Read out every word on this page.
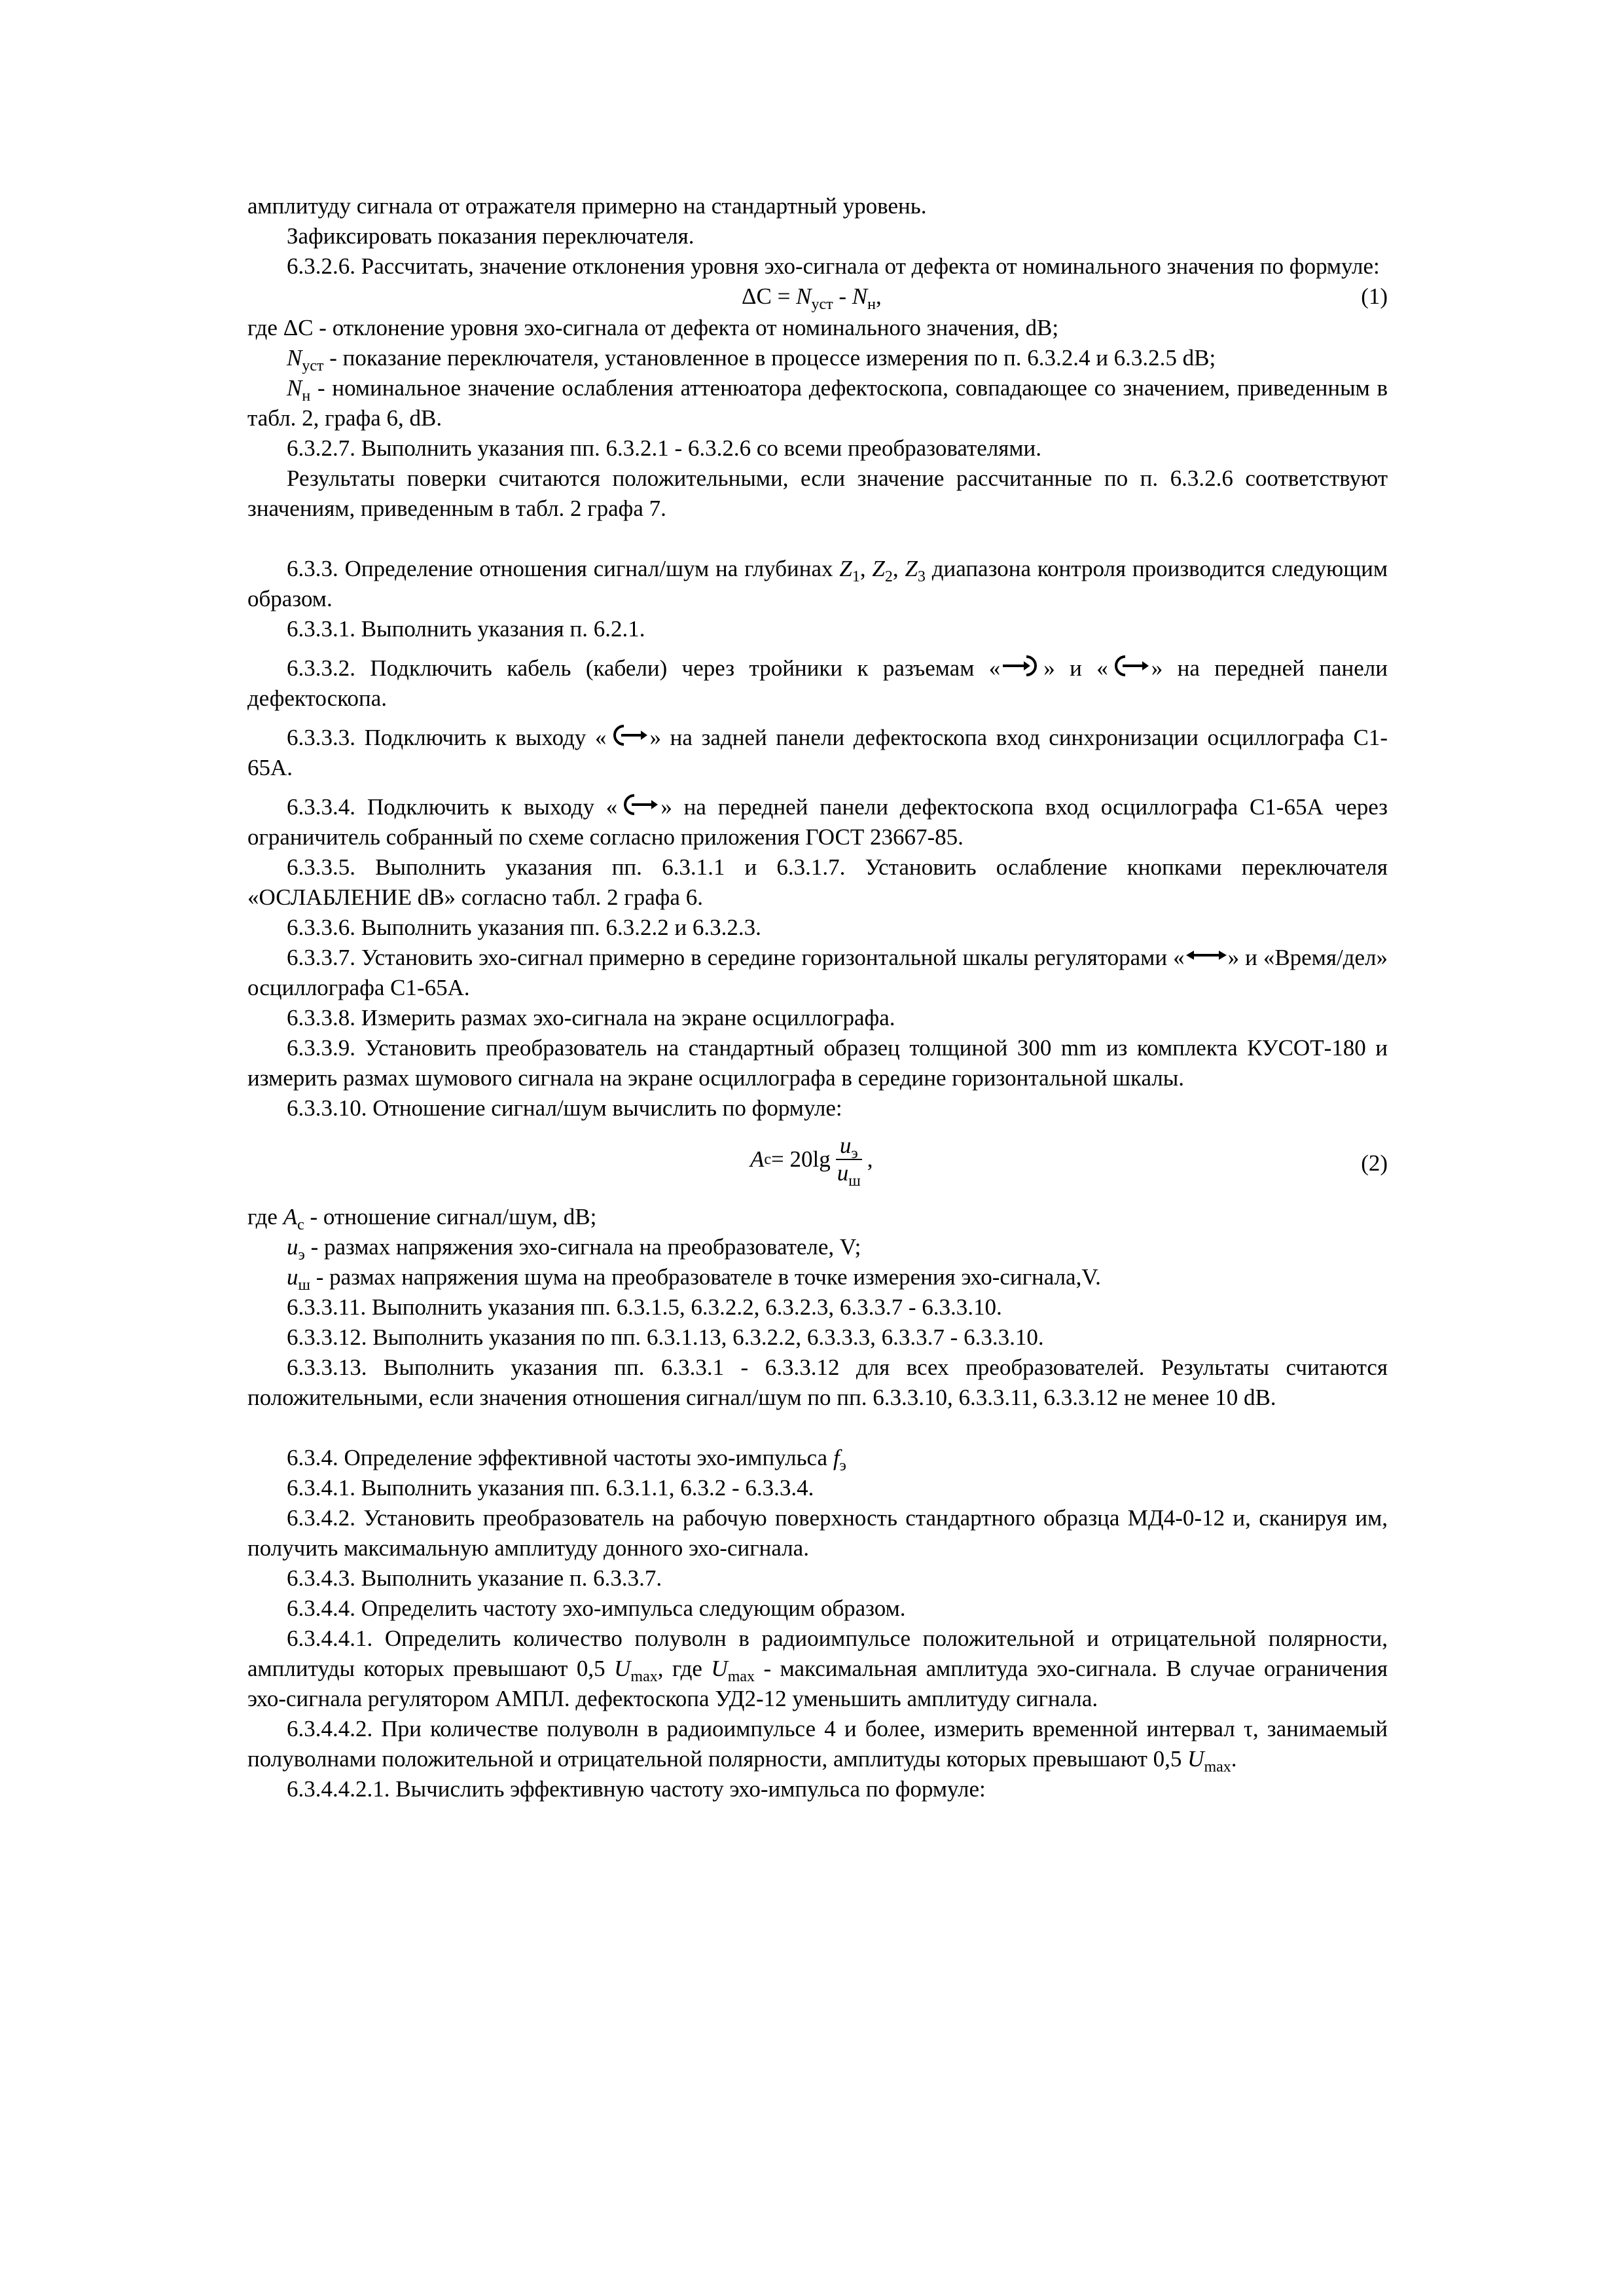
амплитуду сигнала от отражателя примерно на стандартный уровень.

Зафиксировать показания переключателя.

6.3.2.6. Рассчитать, значение отклонения уровня эхо-сигнала от дефекта от номинального значения по формуле:

$\Delta C = N_{уст} - N_н$,	(1)

где ΔC - отклонение уровня эхо-сигнала от дефекта от номинального значения, dB;

$N_{уст}$ - показание переключателя, установленное в процессе измерения по п. 6.3.2.4 и 6.3.2.5 dB;

$N_н$ - номинальное значение ослабления аттенюатора дефектоскопа, совпадающее со значением, приведенным в табл. 2, графа 6, dB.

6.3.2.7. Выполнить указания пп. 6.3.2.1 - 6.3.2.6 со всеми преобразователями.

Результаты поверки считаются положительными, если значение рассчитанные по п. 6.3.2.6 соответствуют значениям, приведенным в табл. 2 графа 7.

6.3.3. Определение отношения сигнал/шум на глубинах $Z_1$, $Z_2$, $Z_3$ диапазона контроля производится следующим образом.

6.3.3.1. Выполнить указания п. 6.2.1.

6.3.3.2. Подключить кабель (кабели) через тройники к разъемам « » и « » на передней панели дефектоскопа.

6.3.3.3. Подключить к выходу « » на задней панели дефектоскопа вход синхронизации осциллографа С1-65А.

6.3.3.4. Подключить к выходу « » на передней панели дефектоскопа вход осциллографа С1-65А через ограничитель собранный по схеме согласно приложения ГОСТ 23667-85.

6.3.3.5. Выполнить указания пп. 6.3.1.1 и 6.3.1.7. Установить ослабление кнопками переключателя «ОСЛАБЛЕНИЕ dB» согласно табл. 2 графа 6.

6.3.3.6. Выполнить указания пп. 6.3.2.2 и 6.3.2.3.

6.3.3.7. Установить эхо-сигнал примерно в середине горизонтальной шкалы регуляторами « » и «Время/дел» осциллографа С1-65А.

6.3.3.8. Измерить размах эхо-сигнала на экране осциллографа.

6.3.3.9. Установить преобразователь на стандартный образец толщиной 300 mm из комплекта КУСОТ-180 и измерить размах шумового сигнала на экране осциллографа в середине горизонтальной шкалы.

6.3.3.10. Отношение сигнал/шум вычислить по формуле:

A $с = 20\lg \frac{u_э}{u_ш}$ ,	(2)

где $A_с$ - отношение сигнал/шум, dB;

$u_э$ - размах напряжения эхо-сигнала на преобразователе, V;

$u_ш$ - размах напряжения шума на преобразователе в точке измерения эхо-сигнала,V.

6.3.3.11. Выполнить указания пп. 6.3.1.5, 6.3.2.2, 6.3.2.3, 6.3.3.7 - 6.3.3.10.

6.3.3.12. Выполнить указания по пп. 6.3.1.13, 6.3.2.2, 6.3.3.3, 6.3.3.7 - 6.3.3.10.

6.3.3.13. Выполнить указания пп. 6.3.3.1 - 6.3.3.12 для всех преобразователей. Результаты считаются положительными, если значения отношения сигнал/шум по пп. 6.3.3.10, 6.3.3.11, 6.3.3.12 не менее 10 dB.

6.3.4. Определение эффективной частоты эхо-импульса $f_э$

6.3.4.1. Выполнить указания пп. 6.3.1.1, 6.3.2 - 6.3.3.4.

6.3.4.2. Установить преобразователь на рабочую поверхность стандартного образца МД4-0-12 и, сканируя им, получить максимальную амплитуду донного эхо-сигнала.

6.3.4.3. Выполнить указание п. 6.3.3.7.

6.3.4.4. Определить частоту эхо-импульса следующим образом.

6.3.4.4.1. Определить количество полуволн в радиоимпульсе положительной и отрицательной полярности, амплитуды которых превышают 0,5 $U_{max}$, где $U_{max}$ - максимальная амплитуда эхо-сигнала. В случае ограничения эхо-сигнала регулятором АМПЛ. дефектоскопа УД2-12 уменьшить амплитуду сигнала.

6.3.4.4.2. При количестве полуволн в радиоимпульсе 4 и более, измерить временной интервал τ, занимаемый полуволнами положительной и отрицательной полярности, амплитуды которых превышают 0,5 $U_{max}$.

6.3.4.4.2.1. Вычислить эффективную частоту эхо-импульса по формуле:
